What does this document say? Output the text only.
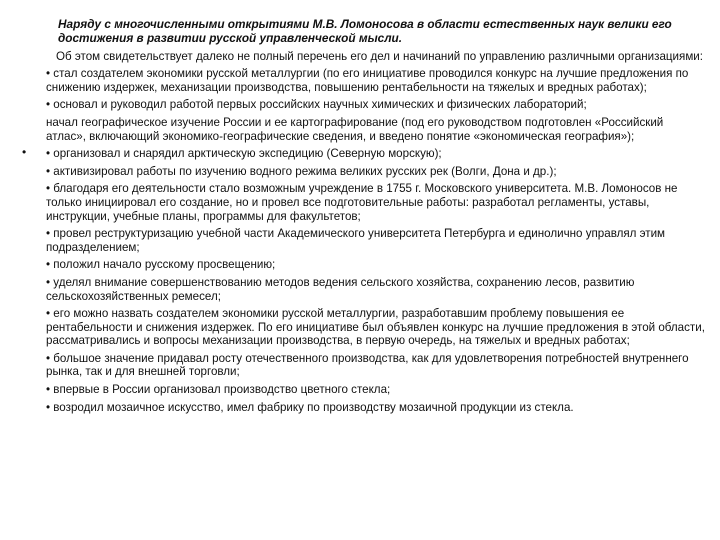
•

Наряду с многочисленными открытиями М.В. Ломоносова в области естественных наук велики его достижения в развитии русской управленческой мысли.

Об этом свидетельствует далеко не полный перечень его дел и начинаний по управлению различными организациями:

• стал создателем экономики русской металлургии (по его инициативе проводился конкурс на лучшие предложения по снижению издержек, механизации производства, повышению рентабельности на тяжелых и вредных работах);

• основал и руководил работой первых российских научных химических и физических лабораторий;

начал географическое изучение России и ее картографирование (под его руководством подготовлен «Российский атлас», включающий экономико-географические сведения, и введено понятие «экономическая география»);

• организовал и снарядил арктическую экспедицию (Северную морскую);

• активизировал работы по изучению водного режима великих русских рек (Волги, Дона и др.);

• благодаря его деятельности стало возможным учреждение в 1755 г. Московского университета. М.В. Ломоносов не только инициировал его создание, но и провел все подготовительные работы: разработал регламенты, уставы, инструкции, учебные планы, программы для факультетов;

• провел реструктуризацию учебной части Академического университета Петербурга и единолично управлял этим подразделением;

• положил начало русскому просвещению;

• уделял внимание совершенствованию методов ведения сельского хозяйства, сохранению лесов, развитию сельскохозяйственных ремесел;

• его можно назвать создателем экономики русской металлургии, разработавшим проблему повышения ее рентабельности и снижения издержек. По его инициативе был объявлен конкурс на лучшие предложения в этой области, рассматривались и вопросы механизации производства, в первую очередь, на тяжелых и вредных работах;

• большое значение придавал росту отечественного производства, как для удовлетворения потребностей внутреннего рынка, так и для внешней торговли;

• впервые в России организовал производство цветного стекла;

• возродил мозаичное искусство, имел фабрику по производству мозаичной продукции из стекла.
